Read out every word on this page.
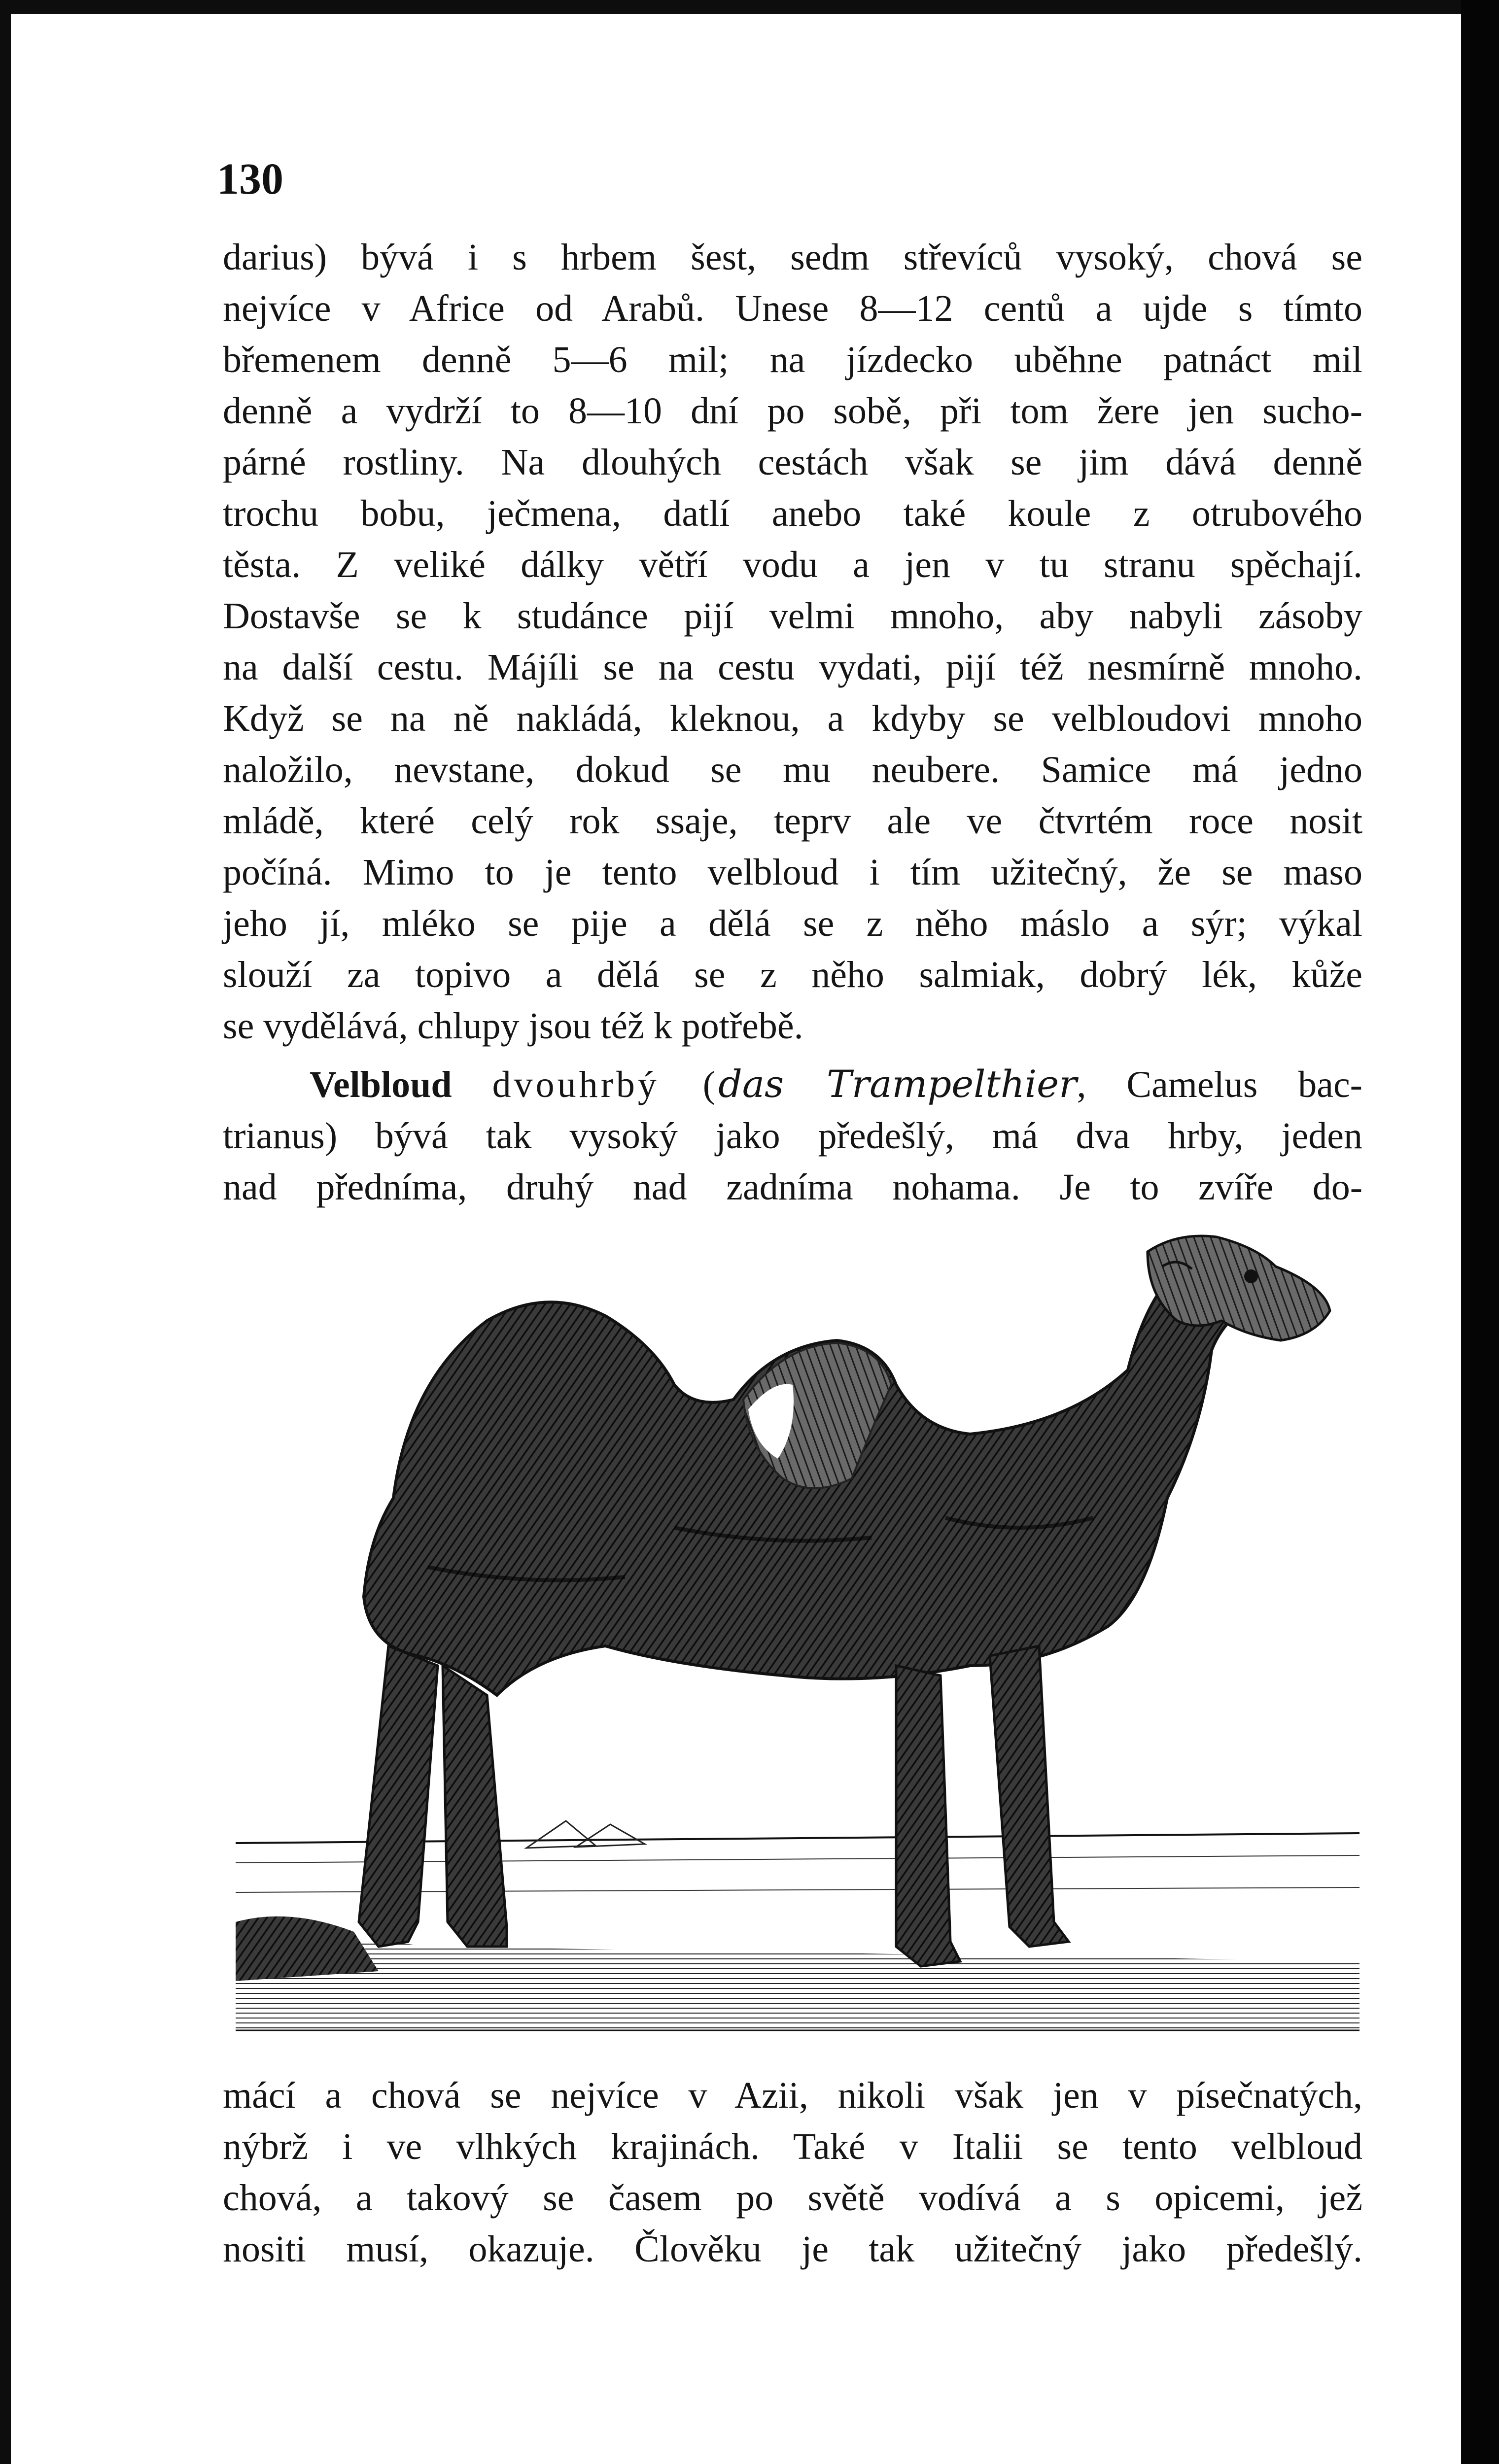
130
darius) bývá i s hrbem šest, sedm střevíců vysoký, chová se
nejvíce v Africe od Arabů. Unese 8—12 centů a ujde s tímto
břemenem denně 5—6 mil; na jízdecko uběhne patnáct mil
denně a vydrží to 8—10 dní po sobě, při tom žere jen sucho-
párné rostliny. Na dlouhých cestách však se jim dává denně
trochu bobu, ječmena, datlí anebo také koule z otrubového
těsta. Z veliké dálky větří vodu a jen v tu stranu spěchají.
Dostavše se k studánce pijí velmi mnoho, aby nabyli zásoby
na další cestu. Májíli se na cestu vydati, pijí též nesmírně mnoho.
Když se na ně nakládá, kleknou, a kdyby se velbloudovi mnoho
naložilo, nevstane, dokud se mu neubere. Samice má jedno
mládě, které celý rok ssaje, teprv ale ve čtvrtém roce nosit
počíná. Mimo to je tento velbloud i tím užitečný, že se maso
jeho jí, mléko se pije a dělá se z něho máslo a sýr; výkal
slouží za topivo a dělá se z něho salmiak, dobrý lék, kůže
se vydělává, chlupy jsou též k potřebě.
Velbloud dvouhrbý (das Trampelthier, Camelus bac-
trianus) bývá tak vysoký jako předešlý, má dva hrby, jeden
nad předníma, druhý nad zadníma nohama. Je to zvíře do-
mácí a chová se nejvíce v Azii, nikoli však jen v písečnatých,
nýbrž i ve vlhkých krajinách. Také v Italii se tento velbloud
chová, a takový se časem po světě vodívá a s opicemi, jež
nositi musí, okazuje. Člověku je tak užitečný jako předešlý.
